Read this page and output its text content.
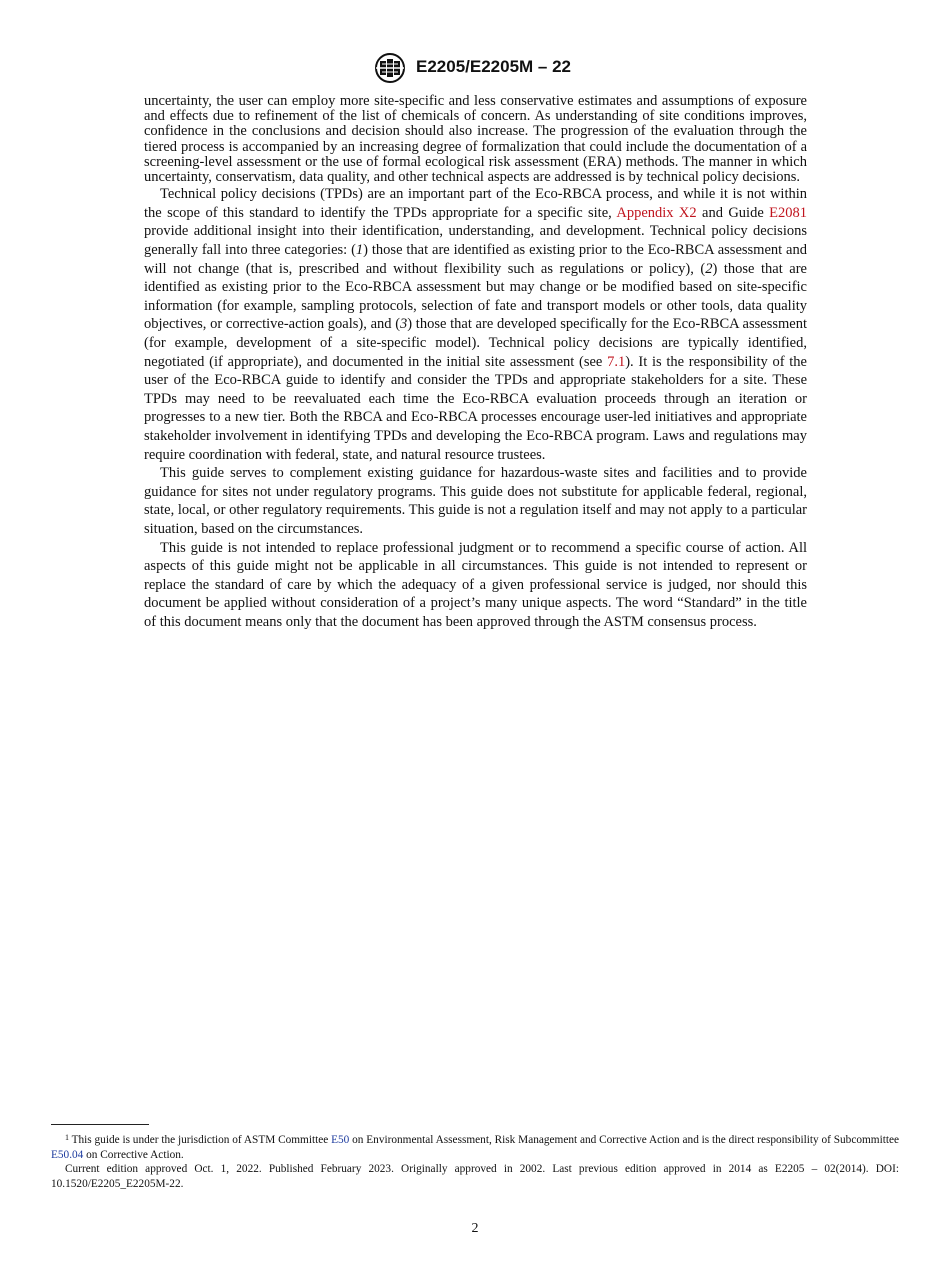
E2205/E2205M – 22

uncertainty, the user can employ more site-specific and less conservative estimates and assumptions of exposure and effects due to refinement of the list of chemicals of concern. As understanding of site conditions improves, confidence in the conclusions and decision should also increase. The progression of the evaluation through the tiered process is accompanied by an increasing degree of formalization that could include the documentation of a screening-level assessment or the use of formal ecological risk assessment (ERA) methods. The manner in which uncertainty, conservatism, data quality, and other technical aspects are addressed is by technical policy decisions.

Technical policy decisions (TPDs) are an important part of the Eco-RBCA process, and while it is not within the scope of this standard to identify the TPDs appropriate for a specific site, Appendix X2 and Guide E2081 provide additional insight into their identification, understanding, and development. Technical policy decisions generally fall into three categories: (1) those that are identified as existing prior to the Eco-RBCA assessment and will not change (that is, prescribed and without flexibility such as regulations or policy), (2) those that are identified as existing prior to the Eco-RBCA assessment but may change or be modified based on site-specific information (for example, sampling protocols, selection of fate and transport models or other tools, data quality objectives, or corrective-action goals), and (3) those that are developed specifically for the Eco-RBCA assessment (for example, development of a site-specific model). Technical policy decisions are typically identified, negotiated (if appropriate), and documented in the initial site assessment (see 7.1). It is the responsibility of the user of the Eco-RBCA guide to identify and consider the TPDs and appropriate stakeholders for a site. These TPDs may need to be reevaluated each time the Eco-RBCA evaluation proceeds through an iteration or progresses to a new tier. Both the RBCA and Eco-RBCA processes encourage user-led initiatives and appropriate stakeholder involvement in identifying TPDs and developing the Eco-RBCA program. Laws and regulations may require coordination with federal, state, and natural resource trustees.

This guide serves to complement existing guidance for hazardous-waste sites and facilities and to provide guidance for sites not under regulatory programs. This guide does not substitute for applicable federal, regional, state, local, or other regulatory requirements. This guide is not a regulation itself and may not apply to a particular situation, based on the circumstances.

This guide is not intended to replace professional judgment or to recommend a specific course of action. All aspects of this guide might not be applicable in all circumstances. This guide is not intended to represent or replace the standard of care by which the adequacy of a given professional service is judged, nor should this document be applied without consideration of a project’s many unique aspects. The word “Standard” in the title of this document means only that the document has been approved through the ASTM consensus process.

$^1$ This guide is under the jurisdiction of ASTM Committee E50 on Environmental Assessment, Risk Management and Corrective Action and is the direct responsibility of Subcommittee E50.04 on Corrective Action.

Current edition approved Oct. 1, 2022. Published February 2023. Originally approved in 2002. Last previous edition approved in 2014 as E2205 – 02(2014). DOI: 10.1520/E2205_E2205M-22.

2
